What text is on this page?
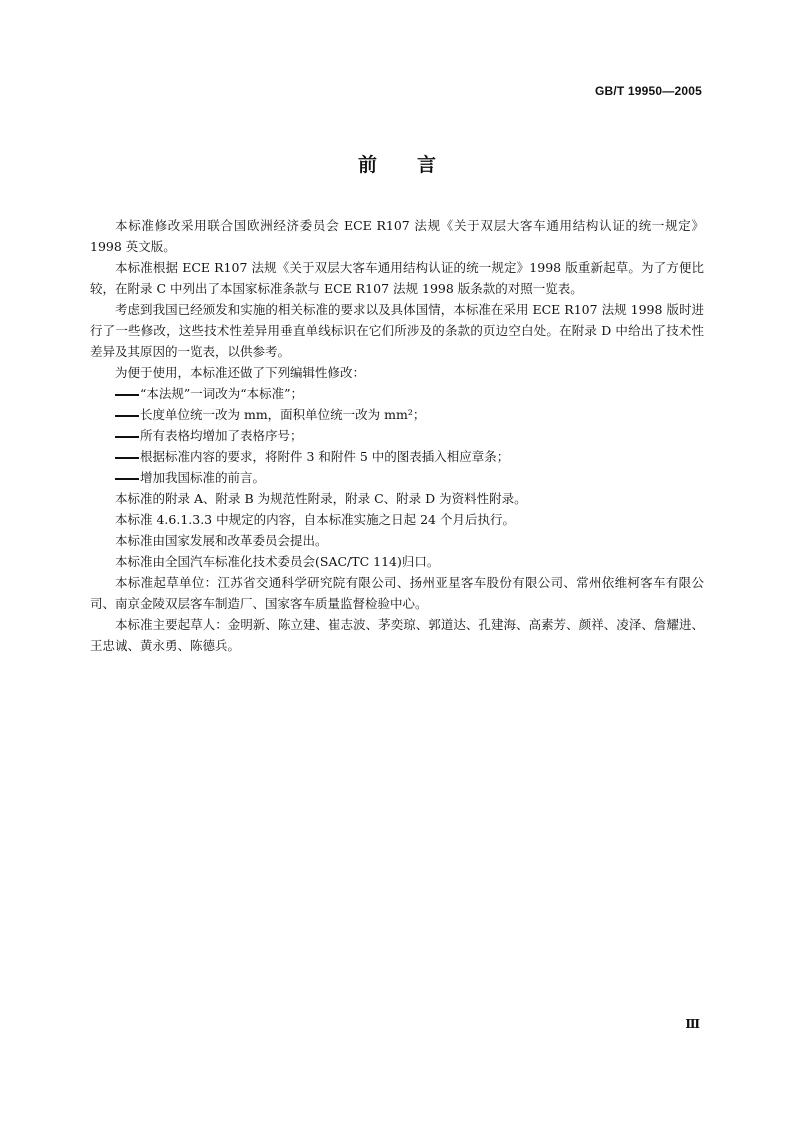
GB/T 19950—2005
前言

本标准修改采用联合国欧洲经济委员会 ECE R107 法规《关于双层大客车通用结构认证的统一规定》1998 英文版。

本标准根据 ECE R107 法规《关于双层大客车通用结构认证的统一规定》1998 版重新起草。为了方便比较，在附录 C 中列出了本国家标准条款与 ECE R107 法规 1998 版条款的对照一览表。

考虑到我国已经颁发和实施的相关标准的要求以及具体国情，本标准在采用 ECE R107 法规 1998 版时进行了一些修改，这些技术性差异用垂直单线标识在它们所涉及的条款的页边空白处。在附录 D 中给出了技术性差异及其原因的一览表，以供参考。

为便于使用，本标准还做了下列编辑性修改：

“本法规”一词改为“本标准”；

长度单位统一改为 mm，面积单位统一改为 mm²；

所有表格均增加了表格序号；

根据标准内容的要求，将附件 3 和附件 5 中的图表插入相应章条；

增加我国标准的前言。

本标准的附录 A、附录 B 为规范性附录，附录 C、附录 D 为资料性附录。

本标准 4.6.1.3.3 中规定的内容，自本标准实施之日起 24 个月后执行。

本标准由国家发展和改革委员会提出。

本标准由全国汽车标准化技术委员会(SAC/TC 114)归口。

本标准起草单位：江苏省交通科学研究院有限公司、扬州亚星客车股份有限公司、常州依维柯客车有限公司、南京金陵双层客车制造厂、国家客车质量监督检验中心。

本标准主要起草人：金明新、陈立建、崔志波、茅奕琼、郭道达、孔建海、高素芳、颜祥、凌泽、詹耀进、王忠诚、黄永勇、陈德兵。

Ⅲ
